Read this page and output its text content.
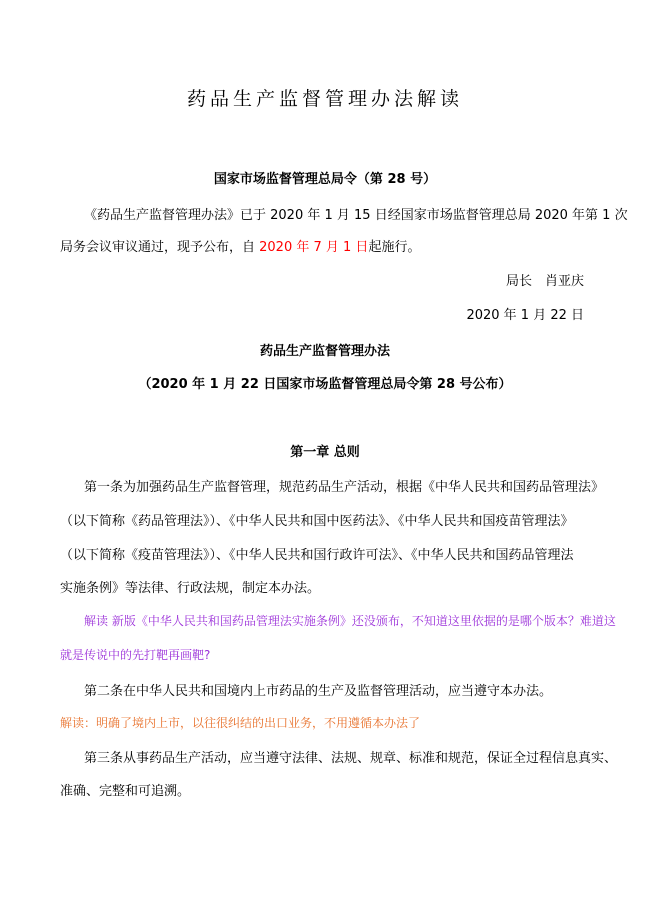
药品生产监督管理办法解读
国家市场监督管理总局令（第 28 号）
《药品生产监督管理办法》已于 2020 年 1 月 15 日经国家市场监督管理总局 2020 年第 1 次
局务会议审议通过，现予公布，自 2020 年 7 月 1 日起施行。
局长　肖亚庆
2020 年 1 月 22 日
药品生产监督管理办法
（2020 年 1 月 22 日国家市场监督管理总局令第 28 号公布）
第一章 总则
第一条为加强药品生产监督管理，规范药品生产活动，根据《中华人民共和国药品管理法》
（以下简称《药品管理法》）、《中华人民共和国中医药法》、《中华人民共和国疫苗管理法》
（以下简称《疫苗管理法》）、《中华人民共和国行政许可法》、《中华人民共和国药品管理法
实施条例》等法律、行政法规，制定本办法。
解读 新版《中华人民共和国药品管理法实施条例》还没颁布，不知道这里依据的是哪个版本？难道这
就是传说中的先打靶再画靶?
第二条在中华人民共和国境内上市药品的生产及监督管理活动，应当遵守本办法。
解读：明确了境内上市，以往很纠结的出口业务，不用遵循本办法了
第三条从事药品生产活动，应当遵守法律、法规、规章、标准和规范，保证全过程信息真实、
准确、完整和可追溯。
